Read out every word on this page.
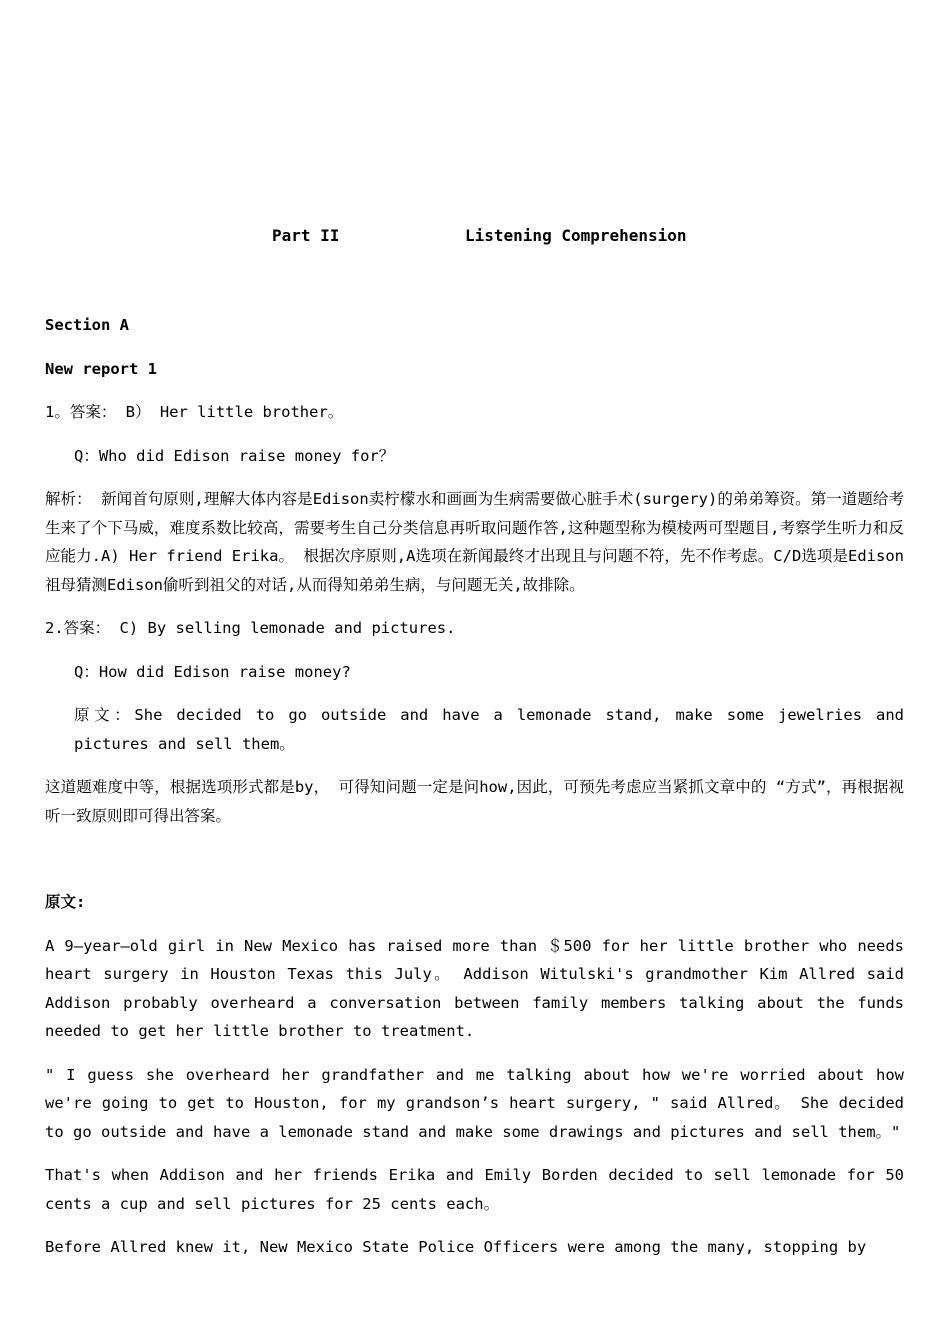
Part II	Listening Comprehension

Section A

New report 1

1。答案： B） Her little brother。

Q：Who did Edison raise money for？

解析： 新闻首句原则,理解大体内容是Edison卖柠檬水和画画为生病需要做心脏手术(surgery)的弟弟筹资。第一道题给考生来了个下马威，难度系数比较高，需要考生自己分类信息再听取问题作答,这种题型称为模棱两可型题目,考察学生听力和反应能力.A) Her friend Erika。 根据次序原则,A选项在新闻最终才出现且与问题不符，先不作考虑。C/D选项是Edison祖母猜测Edison偷听到祖父的对话,从而得知弟弟生病，与问题无关,故排除。

2.答案： C) By selling lemonade and pictures.

Q：How did Edison raise money?

原文：She decided to go outside and have a lemonade stand, make some jewelries and pictures and sell them。

这道题难度中等，根据选项形式都是by， 可得知问题一定是问how,因此，可预先考虑应当紧抓文章中的 “方式”，再根据视听一致原则即可得出答案。

原文:

A 9—year—old girl in New Mexico has raised more than ＄500 for her little brother who needs heart surgery in Houston Texas this July。 Addison Witulski's grandmother Kim Allred said Addison probably overheard a conversation between family members talking about the funds needed to get her little brother to treatment.

" I guess she overheard her grandfather and me talking about how we're worried about how we're going to get to Houston, for my grandson’s heart surgery, " said Allred。 She decided to go outside and have a lemonade stand and make some drawings and pictures and sell them。"

That's when Addison and her friends Erika and Emily Borden decided to sell lemonade for 50 cents a cup and sell pictures for 25 cents each。

Before Allred knew it, New Mexico State Police Officers were among the many, stopping by
